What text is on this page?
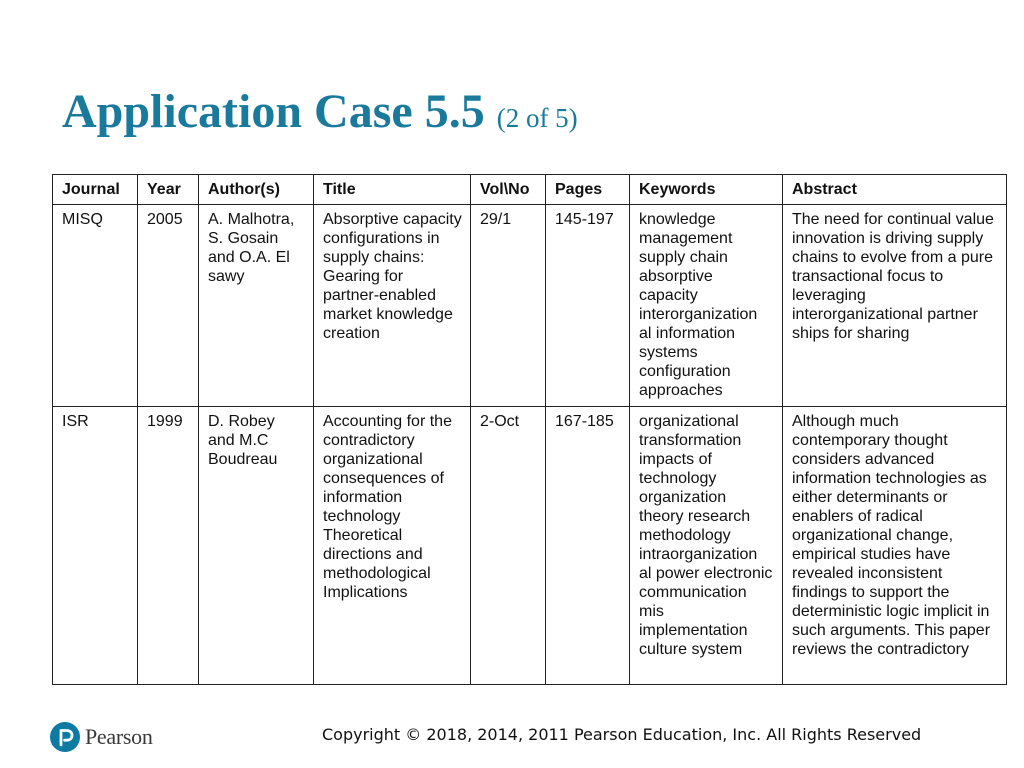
Application Case 5.5 (2 of 5)
Journal	Year	Author(s)	Title	Vol\No	Pages	Keywords	Abstract
MISQ	2005	A. Malhotra, S. Gosain and O.A. El sawy	Absorptive capacity configurations in supply chains: Gearing for partner-enabled market knowledge creation	29/1	145-197	knowledge management supply chain absorptive capacity interorganization al information systems configuration approaches	The need for continual value innovation is driving supply chains to evolve from a pure transactional focus to leveraging interorganizational partner ships for sharing
ISR	1999	D. Robey and M.C Boudreau	Accounting for the contradictory organizational consequences of information technology Theoretical directions and methodological Implications	2-Oct	167-185	organizational transformation impacts of technology organization theory research methodology intraorganization al power electronic communication mis implementation culture system	Although much contemporary thought considers advanced information technologies as either determinants or enablers of radical organizational change, empirical studies have revealed inconsistent findings to support the deterministic logic implicit in such arguments. This paper reviews the contradictory
Pearson	Copyright © 2018, 2014, 2011 Pearson Education, Inc. All Rights Reserved
